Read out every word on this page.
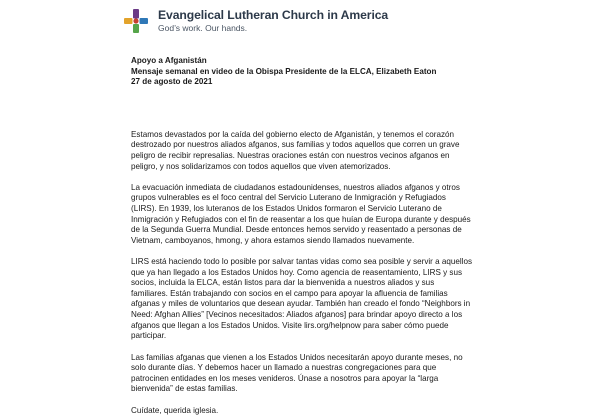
Evangelical Lutheran Church in America
God’s work. Our hands.
Apoyo a Afganistán
Mensaje semanal en video de la Obispa Presidente de la ELCA, Elizabeth Eaton
27 de agosto de 2021

Estamos devastados por la caída del gobierno electo de Afganistán, y tenemos el corazón destrozado por nuestros aliados afganos, sus familias y todos aquellos que corren un grave peligro de recibir represalias. Nuestras oraciones están con nuestros vecinos afganos en peligro, y nos solidarizamos con todos aquellos que viven atemorizados.

La evacuación inmediata de ciudadanos estadounidenses, nuestros aliados afganos y otros grupos vulnerables es el foco central del Servicio Luterano de Inmigración y Refugiados (LIRS). En 1939, los luteranos de los Estados Unidos formaron el Servicio Luterano de Inmigración y Refugiados con el fin de reasentar a los que huían de Europa durante y después de la Segunda Guerra Mundial. Desde entonces hemos servido y reasentado a personas de Vietnam, camboyanos, hmong, y ahora estamos siendo llamados nuevamente.

LIRS está haciendo todo lo posible por salvar tantas vidas como sea posible y servir a aquellos que ya han llegado a los Estados Unidos hoy. Como agencia de reasentamiento, LIRS y sus socios, incluida la ELCA, están listos para dar la bienvenida a nuestros aliados y sus familiares. Están trabajando con socios en el campo para apoyar la afluencia de familias afganas y miles de voluntarios que desean ayudar. También han creado el fondo “Neighbors in Need: Afghan Allies” [Vecinos necesitados: Aliados afganos] para brindar apoyo directo a los afganos que llegan a los Estados Unidos. Visite lirs.org/helpnow para saber cómo puede participar.

Las familias afganas que vienen a los Estados Unidos necesitarán apoyo durante meses, no solo durante días. Y debemos hacer un llamado a nuestras congregaciones para que patrocinen entidades en los meses venideros. Únase a nosotros para apoyar la “larga bienvenida” de estas familias.

Cuídate, querida iglesia.
